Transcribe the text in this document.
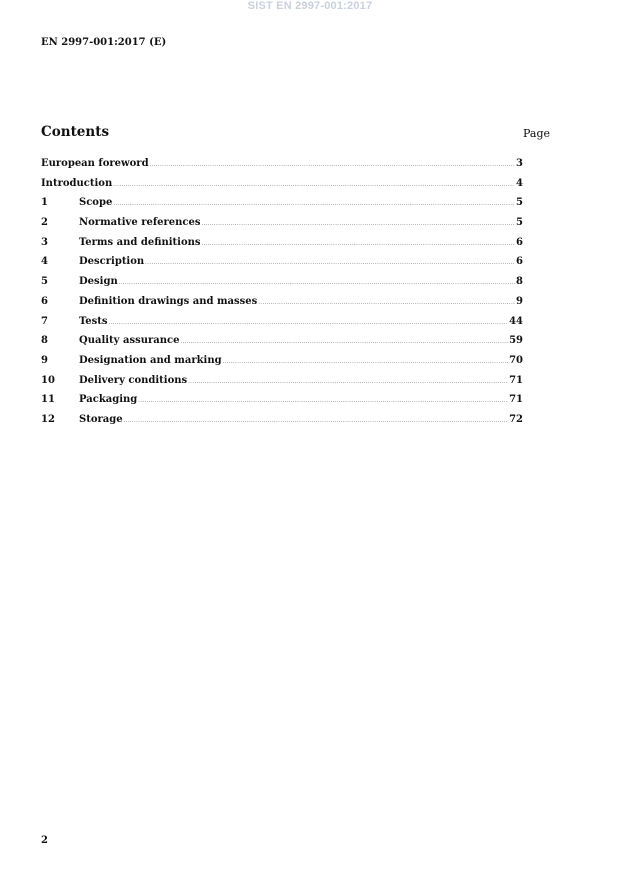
SIST EN 2997-001:2017
EN 2997-001:2017 (E)
Contents	Page
European foreword .....	3
Introduction .....	4
1	Scope .....	5
2	Normative references .....	5
3	Terms and definitions .....	6
4	Description .....	6
5	Design .....	8
6	Definition drawings and masses .....	9
7	Tests .....	44
8	Quality assurance .....	59
9	Designation and marking .....	70
10	Delivery conditions .....	71
11	Packaging .....	71
12	Storage .....	72
2
